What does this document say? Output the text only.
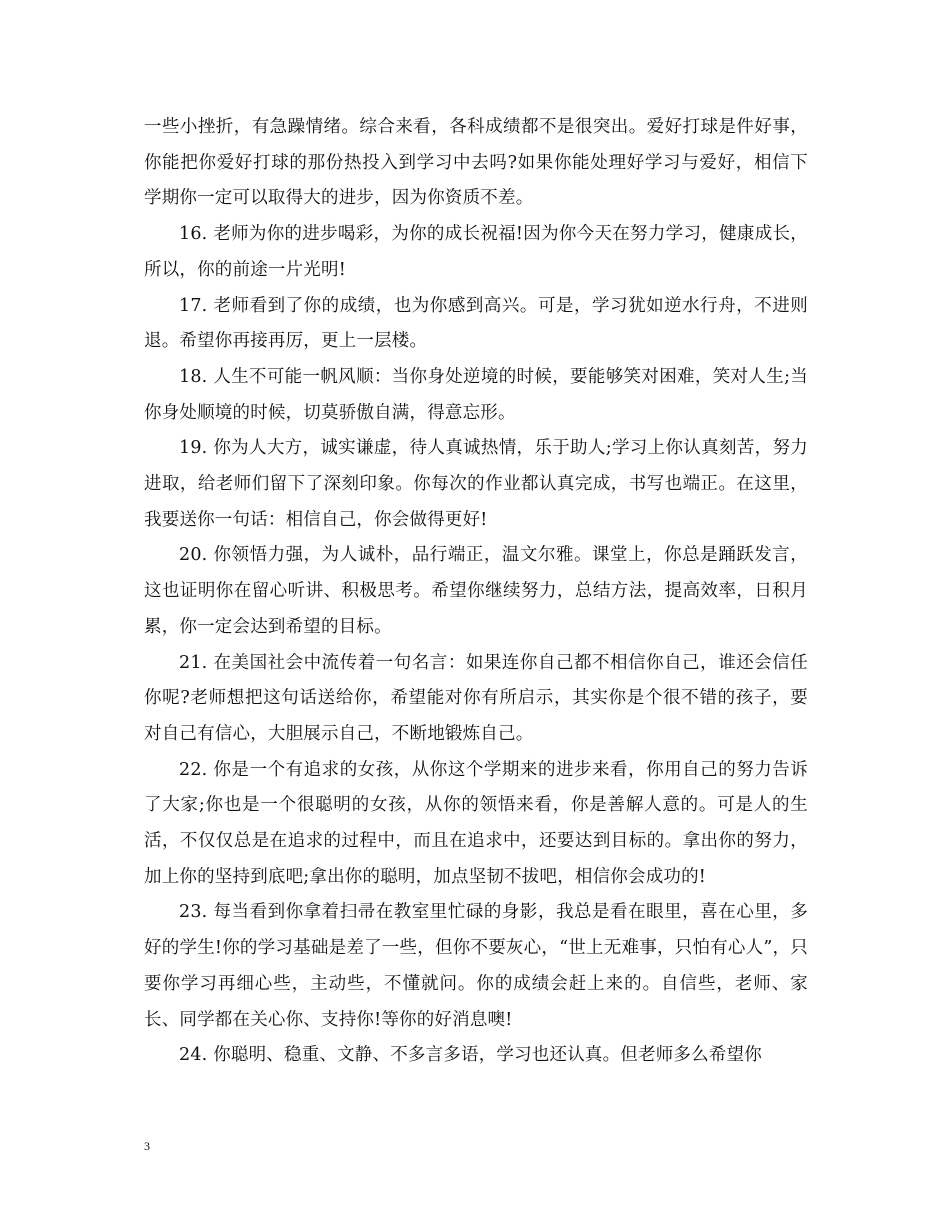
一些小挫折，有急躁情绪。综合来看，各科成绩都不是很突出。爱好打球是件好事，你能把你爱好打球的那份热投入到学习中去吗?如果你能处理好学习与爱好，相信下学期你一定可以取得大的进步，因为你资质不差。

16. 老师为你的进步喝彩，为你的成长祝福!因为你今天在努力学习，健康成长，所以，你的前途一片光明!

17. 老师看到了你的成绩，也为你感到高兴。可是，学习犹如逆水行舟，不进则退。希望你再接再厉，更上一层楼。

18. 人生不可能一帆风顺：当你身处逆境的时候，要能够笑对困难，笑对人生;当你身处顺境的时候，切莫骄傲自满，得意忘形。

19. 你为人大方，诚实谦虚，待人真诚热情，乐于助人;学习上你认真刻苦，努力进取，给老师们留下了深刻印象。你每次的作业都认真完成，书写也端正。在这里，我要送你一句话：相信自己，你会做得更好!

20. 你领悟力强，为人诚朴，品行端正，温文尔雅。课堂上，你总是踊跃发言，这也证明你在留心听讲、积极思考。希望你继续努力，总结方法，提高效率，日积月累，你一定会达到希望的目标。

21. 在美国社会中流传着一句名言：如果连你自己都不相信你自己，谁还会信任你呢?老师想把这句话送给你，希望能对你有所启示，其实你是个很不错的孩子，要对自己有信心，大胆展示自己，不断地锻炼自己。

22. 你是一个有追求的女孩，从你这个学期来的进步来看，你用自己的努力告诉了大家;你也是一个很聪明的女孩，从你的领悟来看，你是善解人意的。可是人的生活，不仅仅总是在追求的过程中，而且在追求中，还要达到目标的。拿出你的努力，加上你的坚持到底吧;拿出你的聪明，加点坚韧不拔吧，相信你会成功的!

23. 每当看到你拿着扫帚在教室里忙碌的身影，我总是看在眼里，喜在心里，多好的学生!你的学习基础是差了一些，但你不要灰心，“世上无难事，只怕有心人”，只要你学习再细心些，主动些，不懂就问。你的成绩会赶上来的。自信些，老师、家长、同学都在关心你、支持你!等你的好消息噢!

24. 你聪明、稳重、文静、不多言多语，学习也还认真。但老师多么希望你

3
